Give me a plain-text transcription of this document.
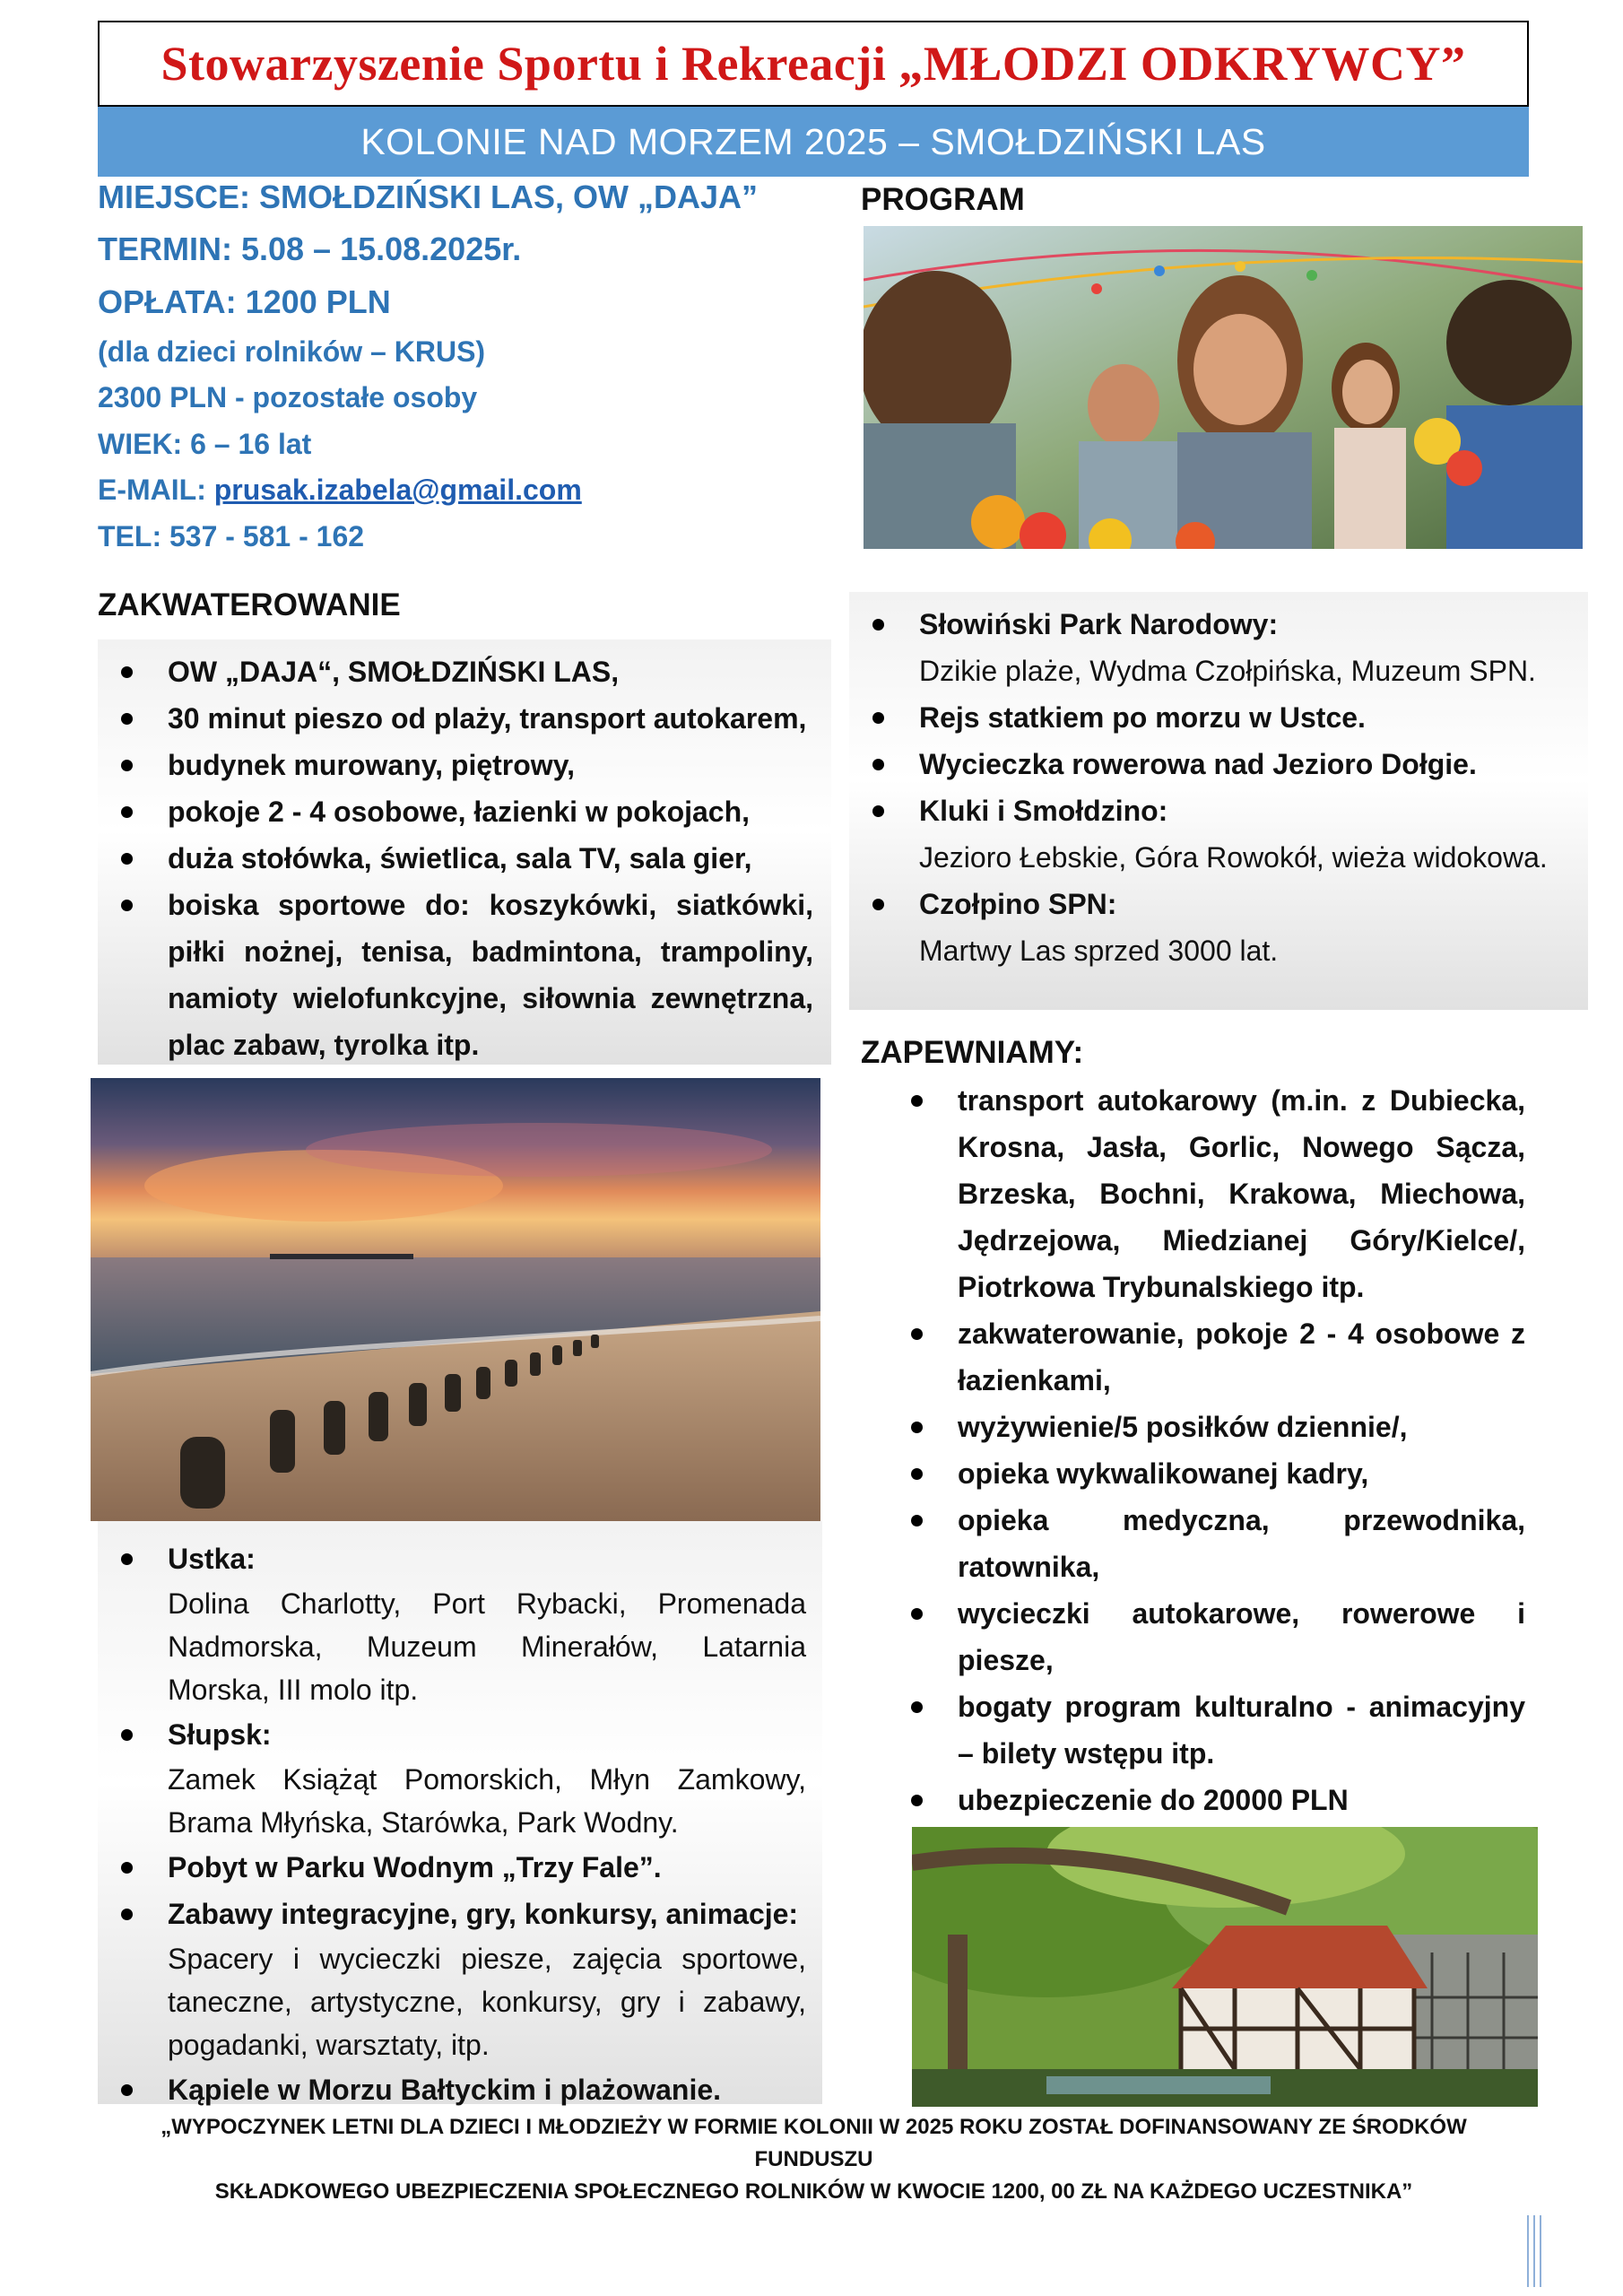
Stowarzyszenie Sportu i Rekreacji „MŁODZI ODKRYWCY”
KOLONIE NAD MORZEM 2025 – SMOŁDZIŃSKI LAS
MIEJSCE: SMOŁDZIŃSKI LAS, OW „DAJA”
TERMIN: 5.08 – 15.08.2025r.
OPŁATA: 1200 PLN
(dla dzieci rolników – KRUS)
2300 PLN - pozostałe osoby
WIEK: 6 – 16 lat
E-MAIL: prusak.izabela@gmail.com
TEL: 537 - 581 - 162
ZAKWATEROWANIE
OW „DAJA“, SMOŁDZIŃSKI LAS,
30 minut pieszo od plaży, transport autokarem,
budynek murowany, piętrowy,
pokoje 2 - 4 osobowe, łazienki w pokojach,
duża stołówka, świetlica, sala TV, sala gier,
boiska sportowe do: koszykówki, siatkówki, piłki nożnej, tenisa, badmintona, trampoliny, namioty wielofunkcyjne, siłownia zewnętrzna, plac zabaw, tyrolka itp.
Ustka:

Dolina Charlotty, Port Rybacki, Promenada Nadmorska, Muzeum Minerałów, Latarnia Morska, III molo itp.
Słupsk:

Zamek Książąt Pomorskich, Młyn Zamkowy, Brama Młyńska, Starówka, Park Wodny.
Pobyt w Parku Wodnym „Trzy Fale”.
Zabawy integracyjne, gry, konkursy, animacje:

Spacery i wycieczki piesze, zajęcia sportowe, taneczne, artystyczne, konkursy, gry i zabawy, pogadanki, warsztaty, itp.
Kąpiele w Morzu Bałtyckim i plażowanie.
PROGRAM
Słowiński Park Narodowy:
Dzikie plaże, Wydma Czołpińska, Muzeum SPN.
Rejs statkiem po morzu w Ustce.
Wycieczka rowerowa nad Jezioro Dołgie.
Kluki i Smołdzino:
Jezioro Łebskie, Góra Rowokół, wieża widokowa.
Czołpino SPN:
Martwy Las sprzed 3000 lat.
ZAPEWNIAMY:
transport autokarowy (m.in. z Dubiecka, Krosna, Jasła, Gorlic, Nowego Sącza, Brzeska, Bochni, Krakowa, Miechowa, Jędrzejowa, Miedzianej Góry/Kielce/, Piotrkowa Trybunalskiego itp.
zakwaterowanie, pokoje 2 - 4 osobowe z łazienkami,
wyżywienie/5 posiłków dziennie/,
opieka wykwalikowanej kadry,
opieka medyczna, przewodnika, ratownika,
wycieczki autokarowe, rowerowe i piesze,
bogaty program kulturalno - animacyjny – bilety wstępu itp.
ubezpieczenie do 20000 PLN
„WYPOCZYNEK LETNI DLA DZIECI I MŁODZIEŻY W FORMIE KOLONII W 2025 ROKU ZOSTAŁ DOFINANSOWANY ZE ŚRODKÓW FUNDUSZU
SKŁADKOWEGO UBEZPIECZENIA SPOŁECZNEGO ROLNIKÓW W KWOCIE 1200, 00 ZŁ NA KAŻDEGO UCZESTNIKA”
